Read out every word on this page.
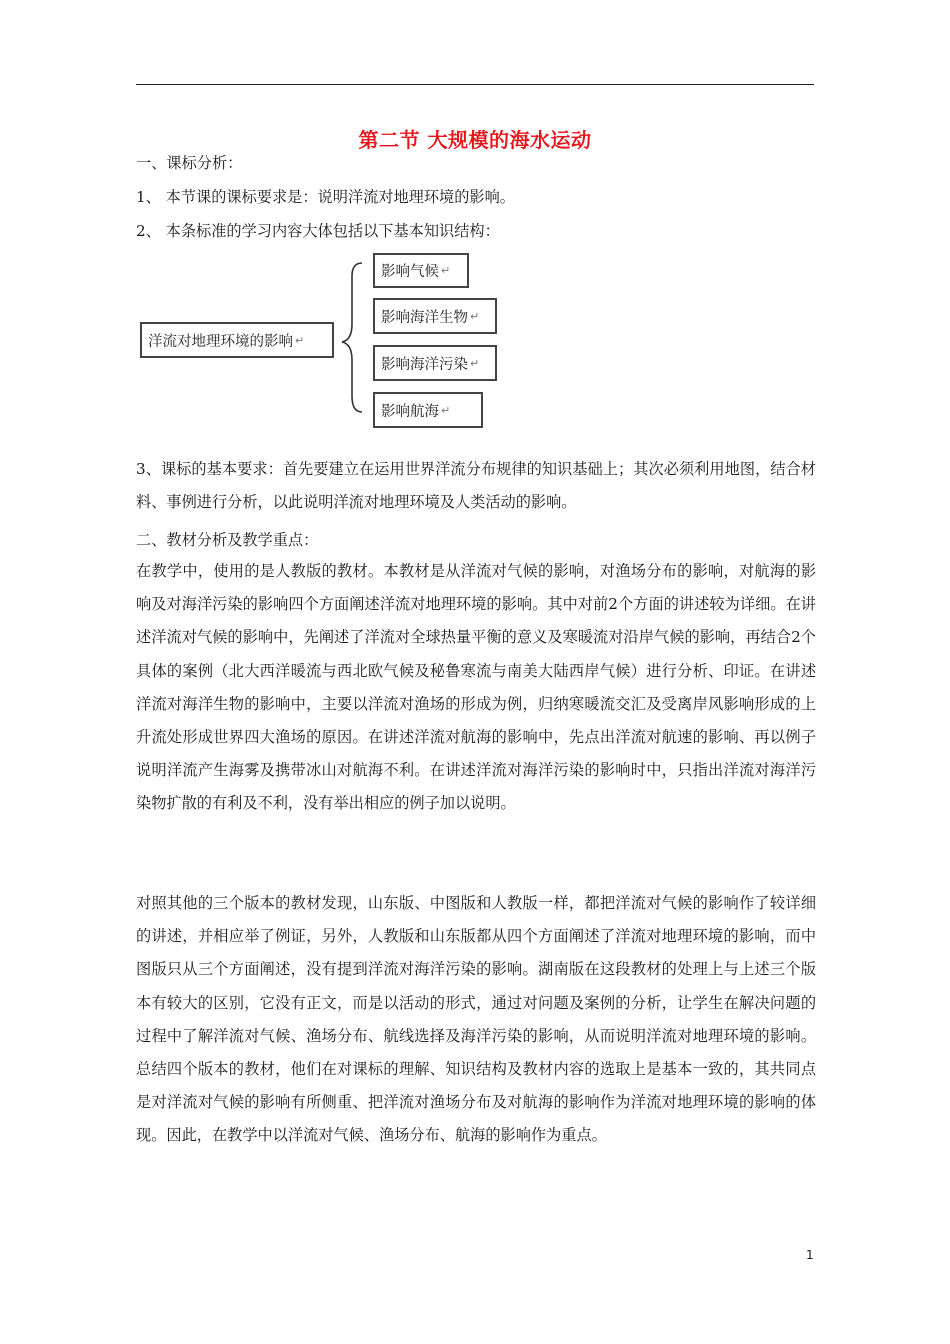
第二节 大规模的海水运动
一、课标分析：
1、 本节课的课标要求是：说明洋流对地理环境的影响。
2、 本条标准的学习内容大体包括以下基本知识结构：
洋流对地理环境的影响 ↵
影响气候 ↵
影响海洋生物 ↵
影响海洋污染 ↵
影响航海 ↵

3、课标的基本要求：首先要建立在运用世界洋流分布规律的知识基础上；其次必须利用地图，结合材料、事例进行分析，以此说明洋流对地理环境及人类活动的影响。

二、教材分析及教学重点：

在教学中，使用的是人教版的教材。本教材是从洋流对气候的影响，对渔场分布的影响，对航海的影响及对海洋污染的影响四个方面阐述洋流对地理环境的影响。其中对前2个方面的讲述较为详细。在讲述洋流对气候的影响中，先阐述了洋流对全球热量平衡的意义及寒暖流对沿岸气候的影响，再结合2个具体的案例（北大西洋暖流与西北欧气候及秘鲁寒流与南美大陆西岸气候）进行分析、印证。在讲述洋流对海洋生物的影响中，主要以洋流对渔场的形成为例，归纳寒暖流交汇及受离岸风影响形成的上升流处形成世界四大渔场的原因。在讲述洋流对航海的影响中，先点出洋流对航速的影响、再以例子说明洋流产生海雾及携带冰山对航海不利。在讲述洋流对海洋污染的影响时中，只指出洋流对海洋污染物扩散的有利及不利，没有举出相应的例子加以说明。

对照其他的三个版本的教材发现，山东版、中图版和人教版一样，都把洋流对气候的影响作了较详细的讲述，并相应举了例证，另外，人教版和山东版都从四个方面阐述了洋流对地理环境的影响，而中图版只从三个方面阐述，没有提到洋流对海洋污染的影响。湖南版在这段教材的处理上与上述三个版本有较大的区别，它没有正文，而是以活动的形式，通过对问题及案例的分析，让学生在解决问题的过程中了解洋流对气候、渔场分布、航线选择及海洋污染的影响，从而说明洋流对地理环境的影响。总结四个版本的教材，他们在对课标的理解、知识结构及教材内容的选取上是基本一致的，其共同点是对洋流对气候的影响有所侧重、把洋流对渔场分布及对航海的影响作为洋流对地理环境的影响的体现。因此，在教学中以洋流对气候、渔场分布、航海的影响作为重点。

1
